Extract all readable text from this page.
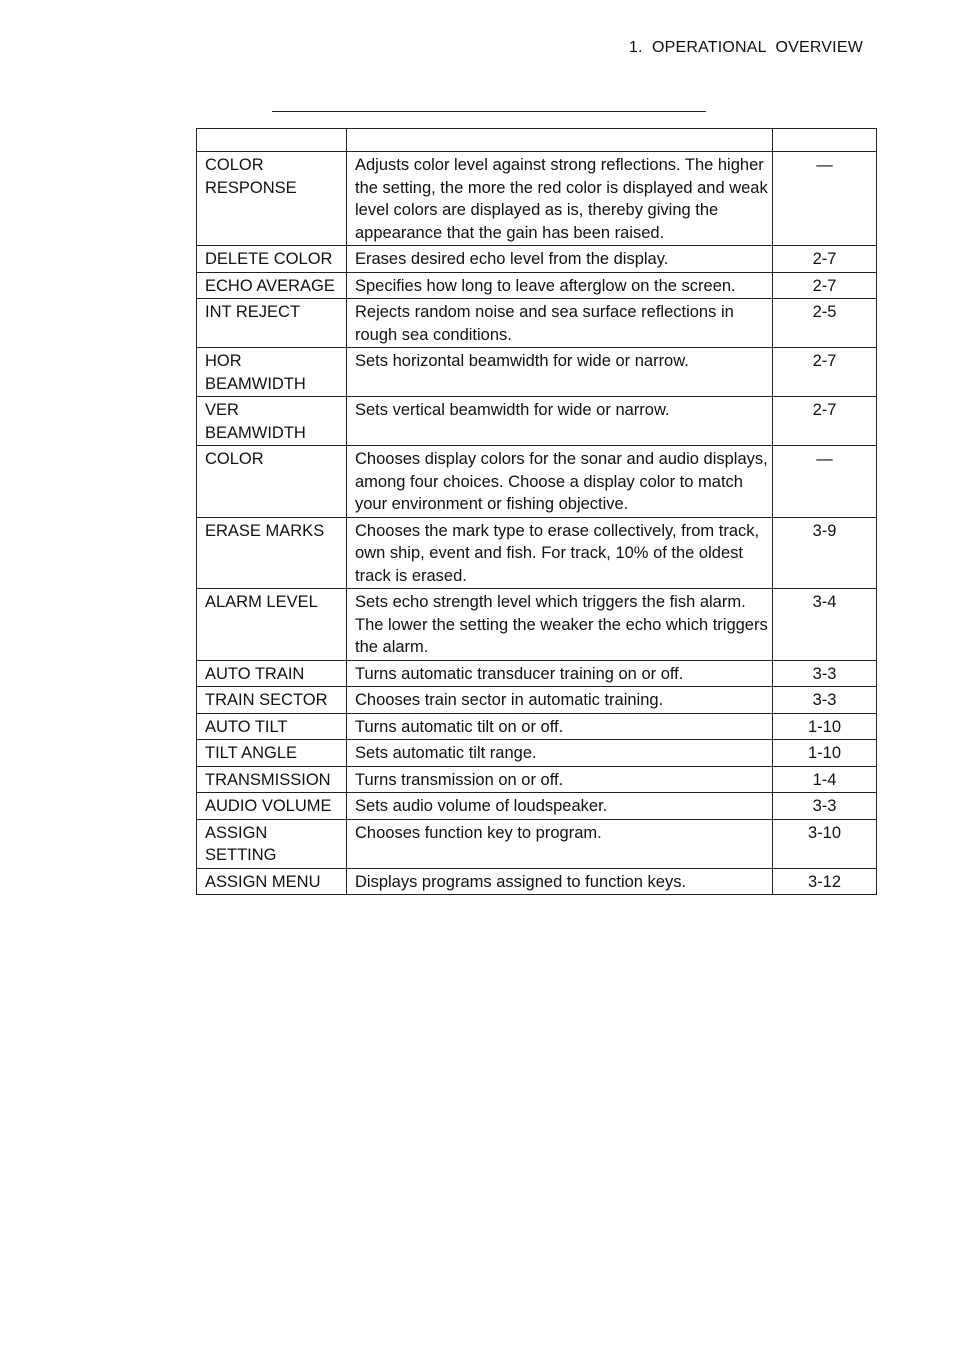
1.  OPERATIONAL  OVERVIEW

COLOR RESPONSE	Adjusts color level against strong reflections. The higher the setting, the more the red color is displayed and weak level colors are displayed as is, thereby giving the appearance that the gain has been raised.	—
DELETE COLOR	Erases desired echo level from the display.	2-7
ECHO AVERAGE	Specifies how long to leave afterglow on the screen.	2-7
INT REJECT	Rejects random noise and sea surface reflections in rough sea conditions.	2-5
HOR BEAMWIDTH	Sets horizontal beamwidth for wide or narrow.	2-7
VER BEAMWIDTH	Sets vertical beamwidth for wide or narrow.	2-7
COLOR	Chooses display colors for the sonar and audio displays, among four choices. Choose a display color to match your environment or fishing objective.	—
ERASE MARKS	Chooses the mark type to erase collectively, from track, own ship, event and fish. For track, 10% of the oldest track is erased.	3-9
ALARM LEVEL	Sets echo strength level which triggers the fish alarm. The lower the setting the weaker the echo which triggers the alarm.	3-4
AUTO TRAIN	Turns automatic transducer training on or off.	3-3
TRAIN SECTOR	Chooses train sector in automatic training.	3-3
AUTO TILT	Turns automatic tilt on or off.	1-10
TILT ANGLE	Sets automatic tilt range.	1-10
TRANSMISSION	Turns transmission on or off.	1-4
AUDIO VOLUME	Sets audio volume of loudspeaker.	3-3
ASSIGN SETTING	Chooses function key to program.	3-10
ASSIGN MENU	Displays programs assigned to function keys.	3-12
